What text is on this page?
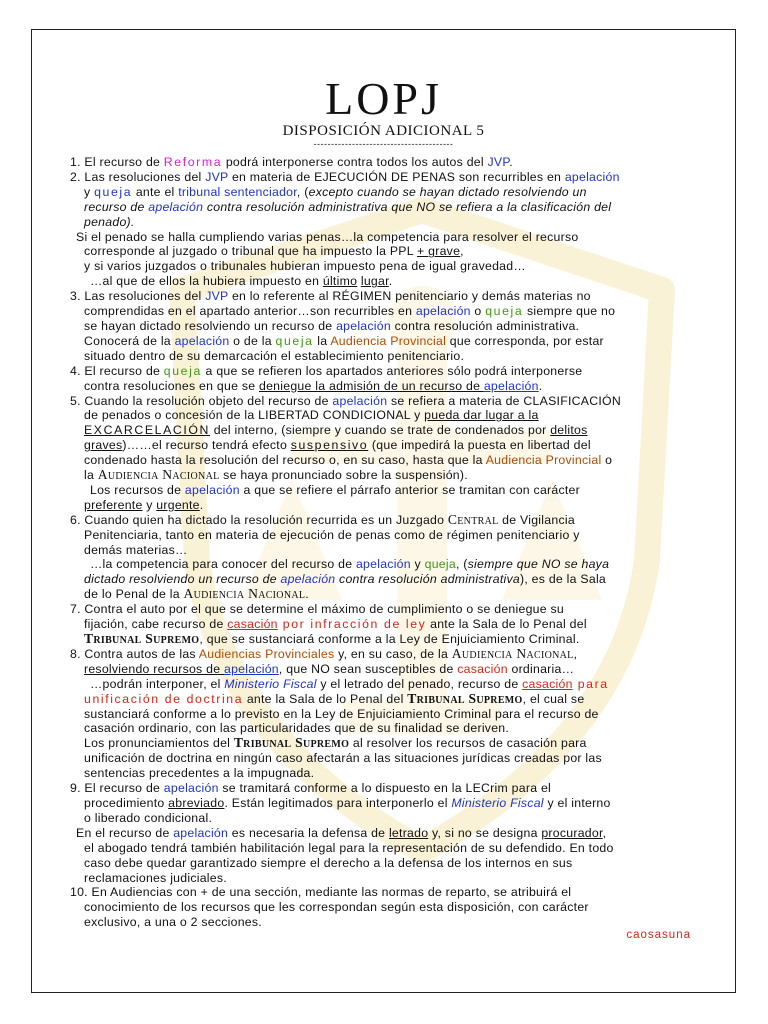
LOPJ
DISPOSICIÓN ADICIONAL 5
----------------------------------------
1. El recurso de Reforma podrá interponerse contra todos los autos del JVP.
2. Las resoluciones del JVP en materia de EJECUCIÓN DE PENAS son recurribles en apelación
y queja ante el tribunal sentenciador, (excepto cuando se hayan dictado resolviendo un
recurso de apelación contra resolución administrativa que NO se refiera a la clasificación del
penado).
Si el penado se halla cumpliendo varias penas…la competencia para resolver el recurso
corresponde al juzgado o tribunal que ha impuesto la PPL + grave,
y si varios juzgados o tribunales hubieran impuesto pena de igual gravedad…
…al que de ellos la hubiera impuesto en último lugar.
3. Las resoluciones del JVP en lo referente al RÉGIMEN penitenciario y demás materias no
comprendidas en el apartado anterior…son recurribles en apelación o queja siempre que no
se hayan dictado resolviendo un recurso de apelación contra resolución administrativa.
Conocerá de la apelación o de la queja la Audiencia Provincial que corresponda, por estar
situado dentro de su demarcación el establecimiento penitenciario.
4. El recurso de queja a que se refieren los apartados anteriores sólo podrá interponerse
contra resoluciones en que se deniegue la admisión de un recurso de apelación.
5. Cuando la resolución objeto del recurso de apelación se refiera a materia de CLASIFICACIÓN
de penados o concesión de la LIBERTAD CONDICIONAL y pueda dar lugar a la
EXCARCELACIÓN del interno, (siempre y cuando se trate de condenados por delitos
graves)……el recurso tendrá efecto suspensivo (que impedirá la puesta en libertad del
condenado hasta la resolución del recurso o, en su caso, hasta que la Audiencia Provincial o
la Audiencia Nacional se haya pronunciado sobre la suspensión).
Los recursos de apelación a que se refiere el párrafo anterior se tramitan con carácter
preferente y urgente.
6. Cuando quien ha dictado la resolución recurrida es un Juzgado Central de Vigilancia
Penitenciaria, tanto en materia de ejecución de penas como de régimen penitenciario y
demás materias…
…la competencia para conocer del recurso de apelación y queja, (siempre que NO se haya
dictado resolviendo un recurso de apelación contra resolución administrativa), es de la Sala
de lo Penal de la Audiencia Nacional.
7. Contra el auto por el que se determine el máximo de cumplimiento o se deniegue su
fijación, cabe recurso de casación por infracción de ley ante la Sala de lo Penal del
Tribunal Supremo, que se sustanciará conforme a la Ley de Enjuiciamiento Criminal.
8. Contra autos de las Audiencias Provinciales y, en su caso, de la Audiencia Nacional,
resolviendo recursos de apelación, que NO sean susceptibles de casación ordinaria…
…podrán interponer, el Ministerio Fiscal y el letrado del penado, recurso de casación para
unificación de doctrina ante la Sala de lo Penal del Tribunal Supremo, el cual se
sustanciará conforme a lo previsto en la Ley de Enjuiciamiento Criminal para el recurso de
casación ordinario, con las particularidades que de su finalidad se deriven.
Los pronunciamientos del Tribunal Supremo al resolver los recursos de casación para
unificación de doctrina en ningún caso afectarán a las situaciones jurídicas creadas por las
sentencias precedentes a la impugnada.
9. El recurso de apelación se tramitará conforme a lo dispuesto en la LECrim para el
procedimiento abreviado. Están legitimados para interponerlo el Ministerio Fiscal y el interno
o liberado condicional.
En el recurso de apelación es necesaria la defensa de letrado y, si no se designa procurador,
el abogado tendrá también habilitación legal para la representación de su defendido. En todo
caso debe quedar garantizado siempre el derecho a la defensa de los internos en sus
reclamaciones judiciales.
10. En Audiencias con + de una sección, mediante las normas de reparto, se atribuirá el
conocimiento de los recursos que les correspondan según esta disposición, con carácter
exclusivo, a una o 2 secciones.
caosasuna
